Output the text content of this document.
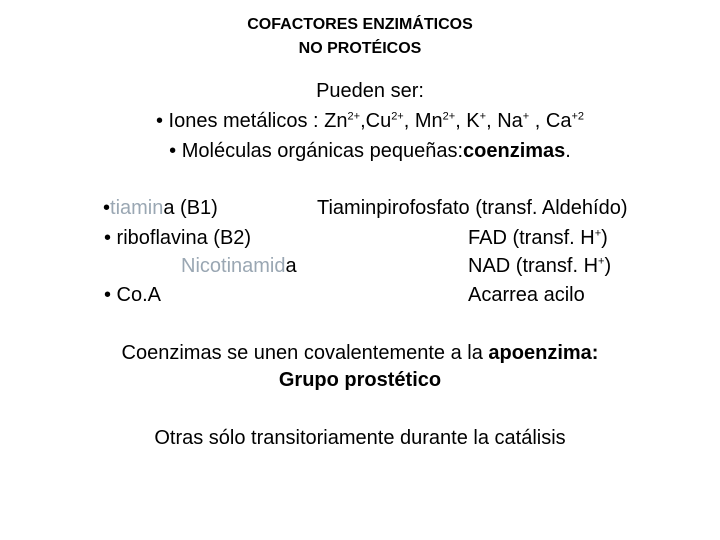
COFACTORES ENZIMÁTICOS
NO PROTÉICOS
Pueden ser:
• Iones metálicos : $Zn^{2+},Cu^{2+}$, $Mn^{2+}$, K+, Na+ , $Ca^{+2}$
• Moléculas orgánicas pequeñas:coenzimas.
•tiamina (B1)	Tiaminpirofosfato (transf. Aldehído)
• riboflavina (B2)	FAD (transf. H+)
Nicotinamida	NAD (transf. H+)
• Co.A	Acarrea acilo
Coenzimas se unen covalentemente a la apoenzima:
Grupo prostético
Otras sólo transitoriamente durante la catálisis
